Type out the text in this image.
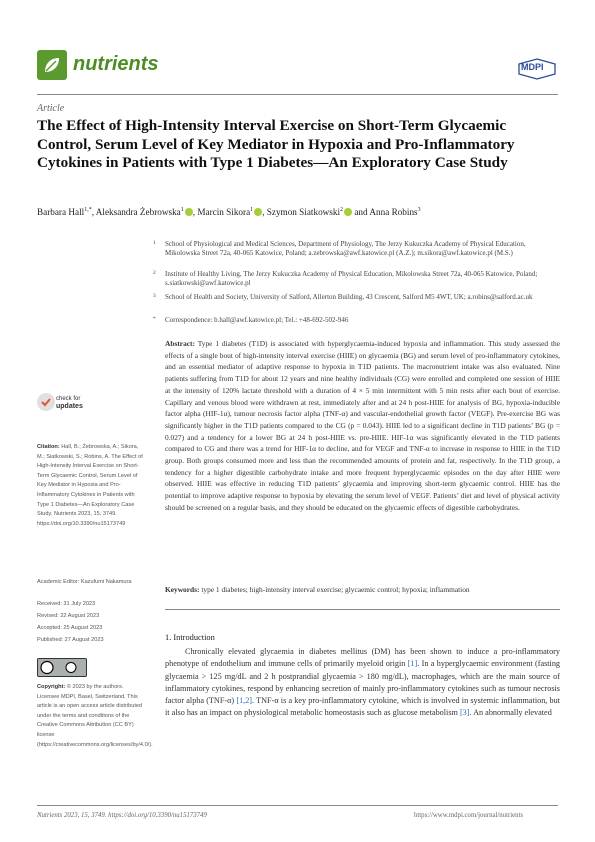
nutrients	MDPI
Article
The Effect of High-Intensity Interval Exercise on Short-Term Glycaemic Control, Serum Level of Key Mediator in Hypoxia and Pro-Inflammatory Cytokines in Patients with Type 1 Diabetes—An Exploratory Case Study
Barbara Hall$^{1,*}$, Aleksandra Żebrowska$^1$ , Marcin Sikora$^1$ , Szymon Siatkowski$^2$ and Anna Robins$^3$
1 School of Physiological and Medical Sciences, Department of Physiology, The Jerzy Kukuczka Academy of Physical Education, Mikolowska Street 72a, 40-065 Katowice, Poland; a.zebrowska@awf.katowice.pl (A.Z.); m.sikora@awf.katowice.pl (M.S.)
2 Institute of Healthy Living, The Jerzy Kukuczka Academy of Physical Education, Mikolowska Street 72a, 40-065 Katowice, Poland; s.siatkowski@awf.katowice.pl
3 School of Health and Society, University of Salford, Allerton Building, 43 Crescent, Salford M5 4WT, UK; a.robins@salford.ac.uk
* Correspondence: b.hall@awf.katowice.pl; Tel.: +48-692-502-946
Abstract: Type 1 diabetes (T1D) is associated with hyperglycaemia-induced hypoxia and inflammation. This study assessed the effects of a single bout of high-intensity interval exercise (HIIE) on glycaemia (BG) and serum level of pro-inflammatory cytokines, and an essential mediator of adaptive response to hypoxia in T1D patients. The macronutrient intake was also evaluated. Nine patients suffering from T1D for about 12 years and nine healthy individuals (CG) were enrolled and completed one session of HIIE at the intensity of 120% lactate threshold with a duration of 4 × 5 min intermittent with 5 min rests after each bout of exercise. Capillary and venous blood were withdrawn at rest, immediately after and at 24 h post-HIIE for analysis of BG, hypoxia-inducible factor alpha (HIF-1α), tumour necrosis factor alpha (TNF-α) and vascular-endothelial growth factor (VEGF). Pre-exercise BG was significantly higher in the T1D patients compared to the CG (p = 0.043). HIIE led to a significant decline in T1D patients’ BG (p = 0.027) and a tendency for a lower BG at 24 h post-HIIE vs. pre-HIIE. HIF-1α was significantly elevated in the T1D patients compared to CG and there was a trend for HIF-1α to decline, and for VEGF and TNF-α to increase in response to HIIE in the T1D group. Both groups consumed more and less than the recommended amounts of protein and fat, respectively. In the T1D group, a tendency for a higher digestible carbohydrate intake and more frequent hyperglycaemic episodes on the day after HIIE were observed. HIIE was effective in reducing T1D patients’ glycaemia and improving short-term glycaemic control. HIIE has the potential to improve adaptive response to hypoxia by elevating the serum level of VEGF. Patients’ diet and level of physical activity should be screened on a regular basis, and they should be educated on the glycaemic effects of digestible carbohydrates.
Keywords: type 1 diabetes; high-intensity interval exercise; glycaemic control; hypoxia; inflammation
1. Introduction
Chronically elevated glycaemia in diabetes mellitus (DM) has been shown to induce a pro-inflammatory phenotype of endothelium and immune cells of primarily myeloid origin [1]. In a hyperglycaemic environment (fasting glycaemia > 125 mg/dL and 2 h postprandial glycaemia > 180 mg/dL), macrophages, which are the main source of inflammatory cytokines, respond by enhancing secretion of mainly pro-inflammatory cytokines such as tumour necrosis factor alpha (TNF-α) [1,2]. TNF-α is a key pro-inflammatory cytokine, which is involved in systemic inflammation, but it also has an impact on physiological metabolic homeostasis such as glucose metabolism [3]. An abnormally elevated
check for
updates
Citation: Hall, B.; Żebrowska, A.; Sikora, M.; Siatkowski, S.; Robins, A. The Effect of High-Intensity Interval Exercise on Short-Term Glycaemic Control, Serum Level of Key Mediator in Hypoxia and Pro-Inflammatory Cytokines in Patients with Type 1 Diabetes—An Exploratory Case Study. Nutrients 2023, 15, 3749. https://doi.org/10.3390/nu15173749
Academic Editor: Kazufumi Nakamura
Received: 31 July 2023
Revised: 22 August 2023
Accepted: 25 August 2023
Published: 27 August 2023
Copyright: © 2023 by the authors. Licensee MDPI, Basel, Switzerland. This article is an open access article distributed under the terms and conditions of the Creative Commons Attribution (CC BY) license (https://creativecommons.org/licenses/by/4.0/).
Nutrients 2023, 15, 3749. https://doi.org/10.3390/nu15173749	https://www.mdpi.com/journal/nutrients
